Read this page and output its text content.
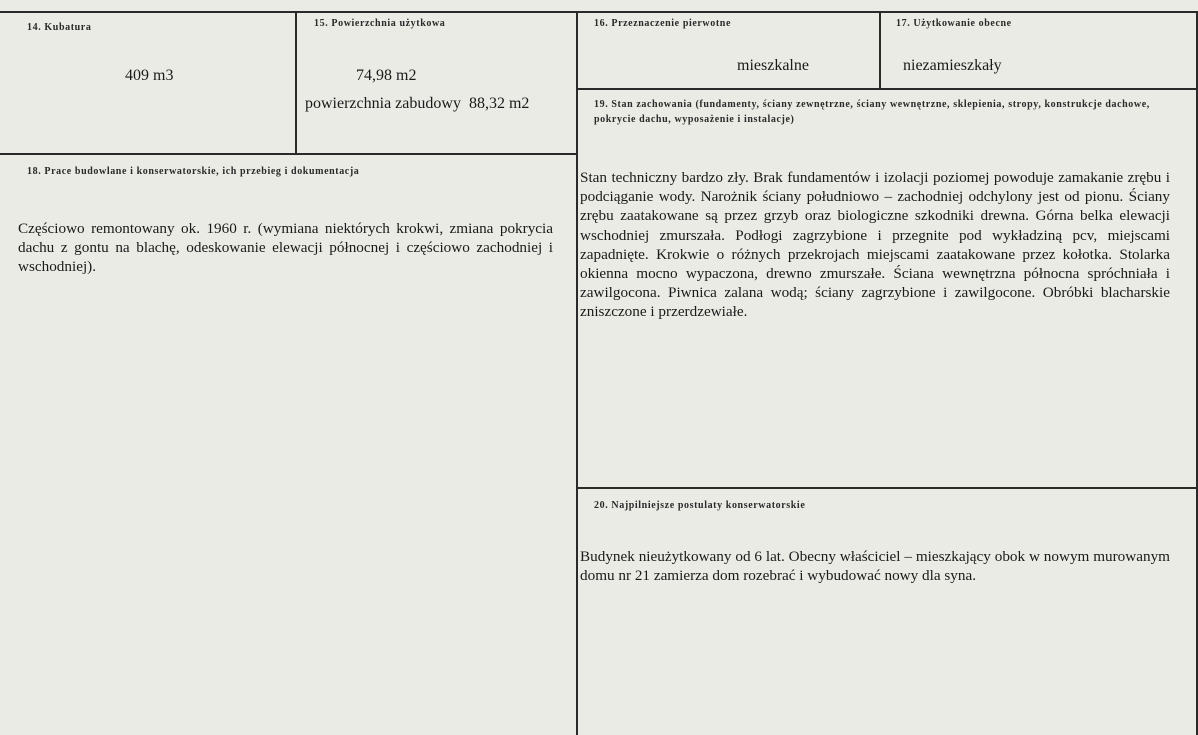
14. Kubatura
409 m3
15. Powierzchnia użytkowa
74,98 m2
powierzchnia zabudowy  88,32 m2
16. Przeznaczenie pierwotne
mieszkalne
17. Użytkowanie obecne
niezamieszkały
19. Stan zachowania (fundamenty, ściany zewnętrzne, ściany wewnętrzne, sklepienia, stropy, konstrukcje dachowe, pokrycie dachu, wyposażenie i instalacje)
Stan techniczny bardzo zły. Brak fundamentów i izolacji poziomej powoduje zamakanie zrębu i podciąganie wody. Narożnik ściany południowo – zachodniej odchylony jest od pionu. Ściany zrębu zaatakowane są przez grzyb oraz biologiczne szkodniki drewna. Górna belka elewacji wschodniej zmurszała. Podłogi zagrzybione i przegnite pod wykładziną pcv, miejscami zapadnięte. Krokwie o różnych przekrojach miejscami zaatakowane przez kołotka. Stolarka okienna mocno wypaczona, drewno zmurszałe. Ściana wewnętrzna północna spróchniała i zawilgocona. Piwnica zalana wodą; ściany zagrzybione i zawilgocone. Obróbki blacharskie zniszczone i przerdzewiałe.
18. Prace budowlane i konserwatorskie, ich przebieg i dokumentacja
Częściowo remontowany ok. 1960 r. (wymiana niektórych krokwi, zmiana pokrycia dachu z gontu na blachę, odeskowanie elewacji północnej i częściowo zachodniej i wschodniej).
20. Najpilniejsze postulaty konserwatorskie
Budynek nieużytkowany od 6 lat. Obecny właściciel – mieszkający obok w nowym murowanym domu nr 21 zamierza dom rozebrać i wybudować nowy dla syna.
